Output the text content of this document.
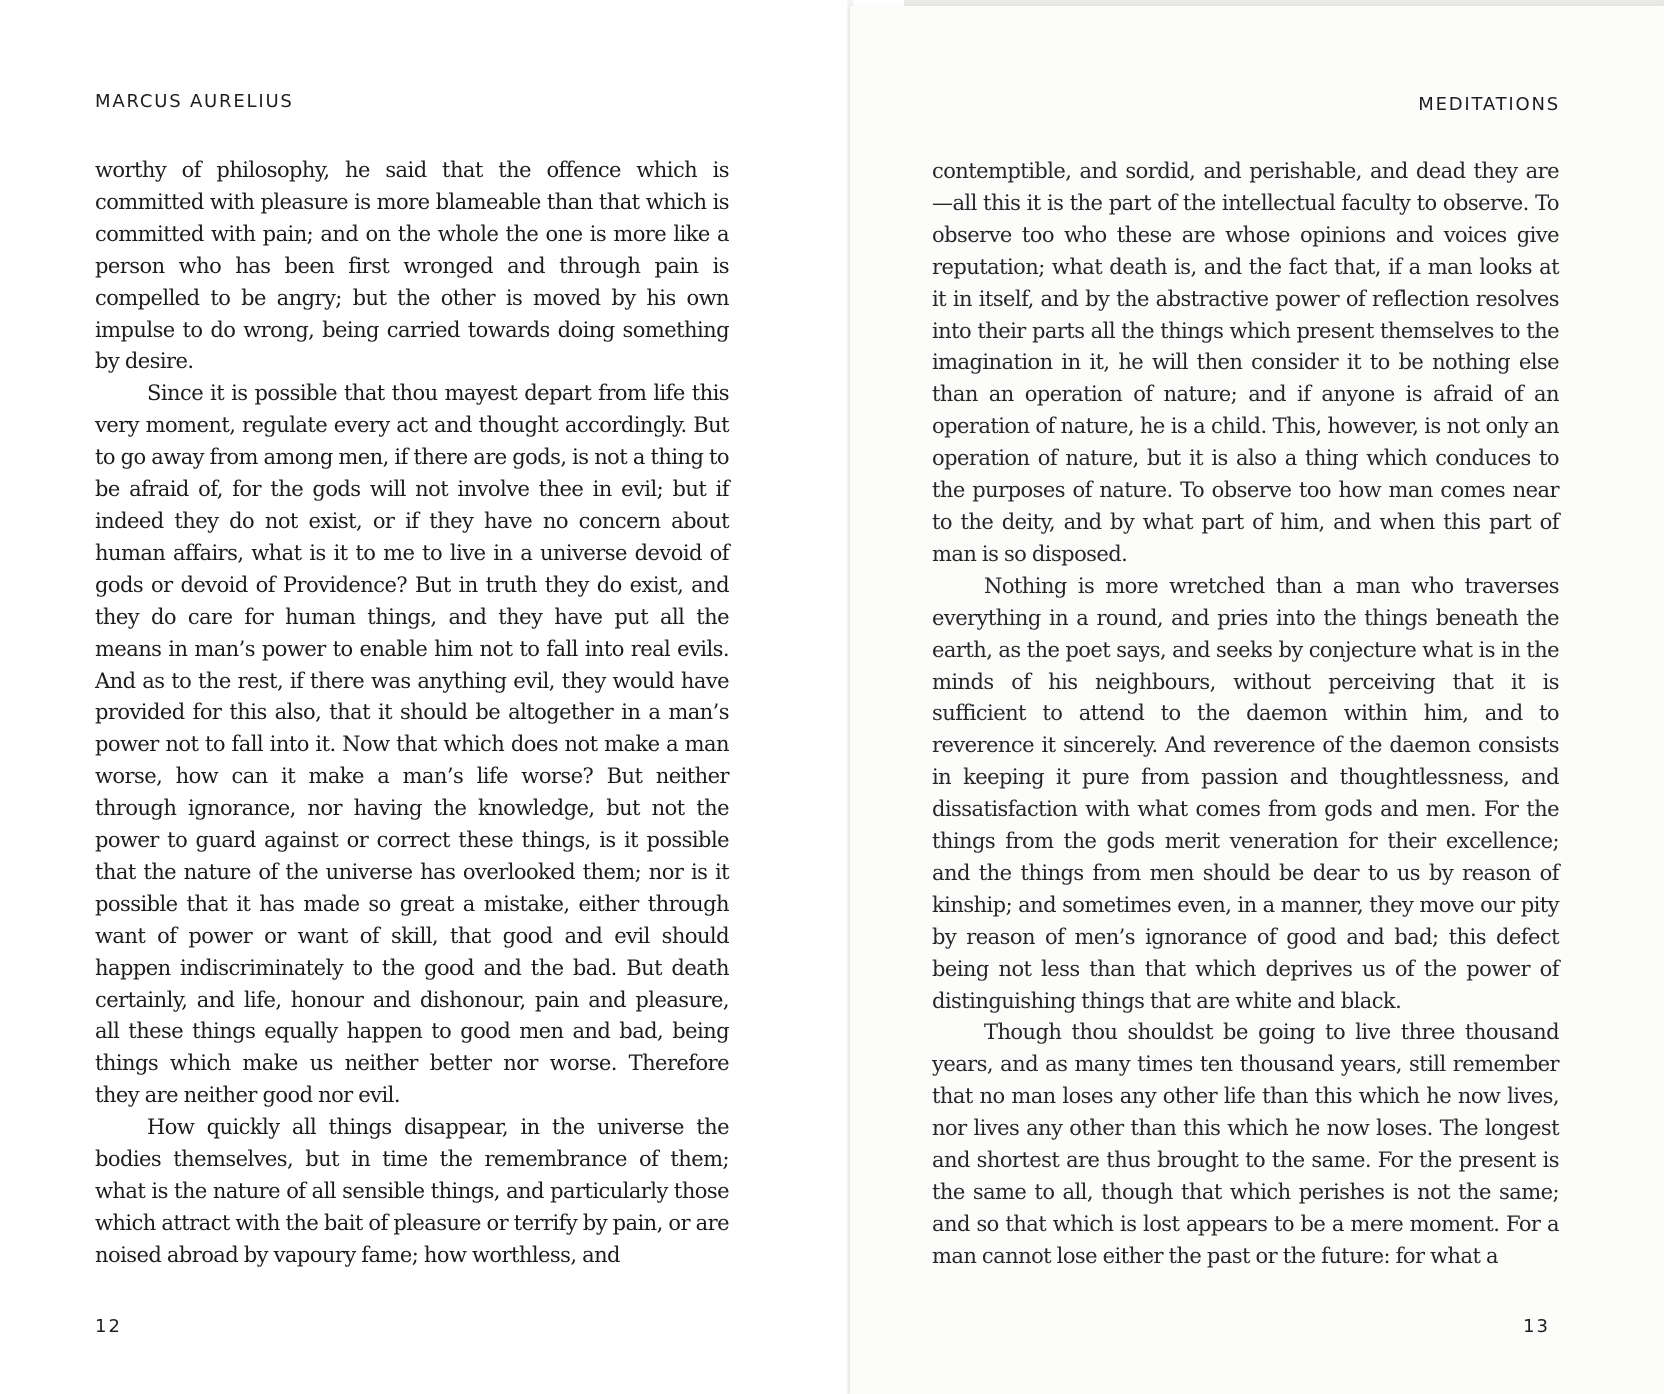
MARCUS AURELIUS

worthy of philosophy, he said that the offence which is committed with pleasure is more blameable than that which is committed with pain; and on the whole the one is more like a person who has been first wronged and through pain is compelled to be angry; but the other is moved by his own impulse to do wrong, being carried towards doing something by desire.

Since it is possible that thou mayest depart from life this very moment, regulate every act and thought accordingly. But to go away from among men, if there are gods, is not a thing to be afraid of, for the gods will not involve thee in evil; but if indeed they do not exist, or if they have no concern about human affairs, what is it to me to live in a universe devoid of gods or devoid of Providence? But in truth they do exist, and they do care for human things, and they have put all the means in man’s power to enable him not to fall into real evils. And as to the rest, if there was anything evil, they would have provided for this also, that it should be altogether in a man’s power not to fall into it. Now that which does not make a man worse, how can it make a man’s life worse? But neither through ignorance, nor having the knowledge, but not the power to guard against or correct these things, is it possible that the nature of the universe has overlooked them; nor is it possible that it has made so great a mistake, either through want of power or want of skill, that good and evil should happen indiscriminately to the good and the bad. But death certainly, and life, honour and dishonour, pain and pleasure, all these things equally happen to good men and bad, being things which make us neither better nor worse. Therefore they are neither good nor evil.

How quickly all things disappear, in the universe the bodies themselves, but in time the remembrance of them; what is the nature of all sensible things, and particularly those which attract with the bait of pleasure or terrify by pain, or are noised abroad by vapoury fame; how worthless, and

12
MEDITATIONS

contemptible, and sordid, and perishable, and dead they are—all this it is the part of the intellectual faculty to observe. To observe too who these are whose opinions and voices give reputation; what death is, and the fact that, if a man looks at it in itself, and by the abstractive power of reflection resolves into their parts all the things which present themselves to the imagination in it, he will then consider it to be nothing else than an operation of nature; and if anyone is afraid of an operation of nature, he is a child. This, however, is not only an operation of nature, but it is also a thing which conduces to the purposes of nature. To observe too how man comes near to the deity, and by what part of him, and when this part of man is so disposed.

Nothing is more wretched than a man who traverses everything in a round, and pries into the things beneath the earth, as the poet says, and seeks by conjecture what is in the minds of his neighbours, without perceiving that it is sufficient to attend to the daemon within him, and to reverence it sincerely. And reverence of the daemon consists in keeping it pure from passion and thoughtlessness, and dissatisfaction with what comes from gods and men. For the things from the gods merit veneration for their excellence; and the things from men should be dear to us by reason of kinship; and sometimes even, in a manner, they move our pity by reason of men’s ignorance of good and bad; this defect being not less than that which deprives us of the power of distinguishing things that are white and black.

Though thou shouldst be going to live three thousand years, and as many times ten thousand years, still remember that no man loses any other life than this which he now lives, nor lives any other than this which he now loses. The longest and shortest are thus brought to the same. For the present is the same to all, though that which perishes is not the same; and so that which is lost appears to be a mere moment. For a man cannot lose either the past or the future: for what a

13
